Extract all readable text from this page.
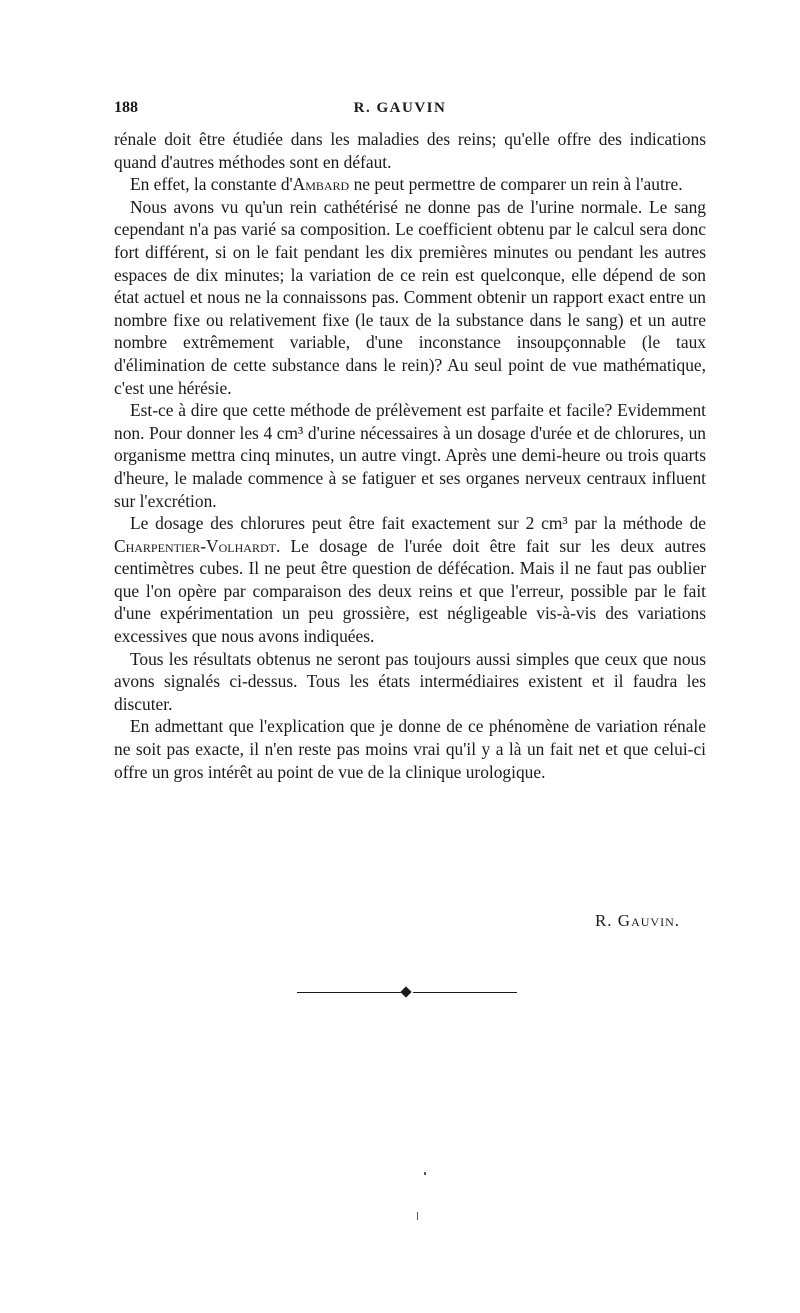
188	R. GAUVIN

rénale doit être étudiée dans les maladies des reins; qu'elle offre des indications quand d'autres méthodes sont en défaut.

En effet, la constante d'Ambard ne peut permettre de comparer un rein à l'autre.

Nous avons vu qu'un rein cathétérisé ne donne pas de l'urine normale. Le sang cependant n'a pas varié sa composition. Le coefficient obtenu par le calcul sera donc fort différent, si on le fait pendant les dix premières minutes ou pendant les autres espaces de dix minutes; la variation de ce rein est quelconque, elle dépend de son état actuel et nous ne la connaissons pas. Comment obtenir un rapport exact entre un nombre fixe ou relativement fixe (le taux de la substance dans le sang) et un autre nombre extrêmement variable, d'une inconstance insoupçonnable (le taux d'élimination de cette substance dans le rein)? Au seul point de vue mathématique, c'est une hérésie.

Est-ce à dire que cette méthode de prélèvement est parfaite et facile? Evidemment non. Pour donner les 4 cm³ d'urine nécessaires à un dosage d'urée et de chlorures, un organisme mettra cinq minutes, un autre vingt. Après une demi-heure ou trois quarts d'heure, le malade commence à se fatiguer et ses organes nerveux centraux influent sur l'excrétion.

Le dosage des chlorures peut être fait exactement sur 2 cm³ par la méthode de Charpentier-Volhardt. Le dosage de l'urée doit être fait sur les deux autres centimètres cubes. Il ne peut être question de défécation. Mais il ne faut pas oublier que l'on opère par comparaison des deux reins et que l'erreur, possible par le fait d'une expérimentation un peu grossière, est négligeable vis-à-vis des variations excessives que nous avons indiquées.

Tous les résultats obtenus ne seront pas toujours aussi simples que ceux que nous avons signalés ci-dessus. Tous les états intermédiaires existent et il faudra les discuter.

En admettant que l'explication que je donne de ce phénomène de variation rénale ne soit pas exacte, il n'en reste pas moins vrai qu'il y a là un fait net et que celui-ci offre un gros intérêt au point de vue de la clinique urologique.

R. Gauvin.
